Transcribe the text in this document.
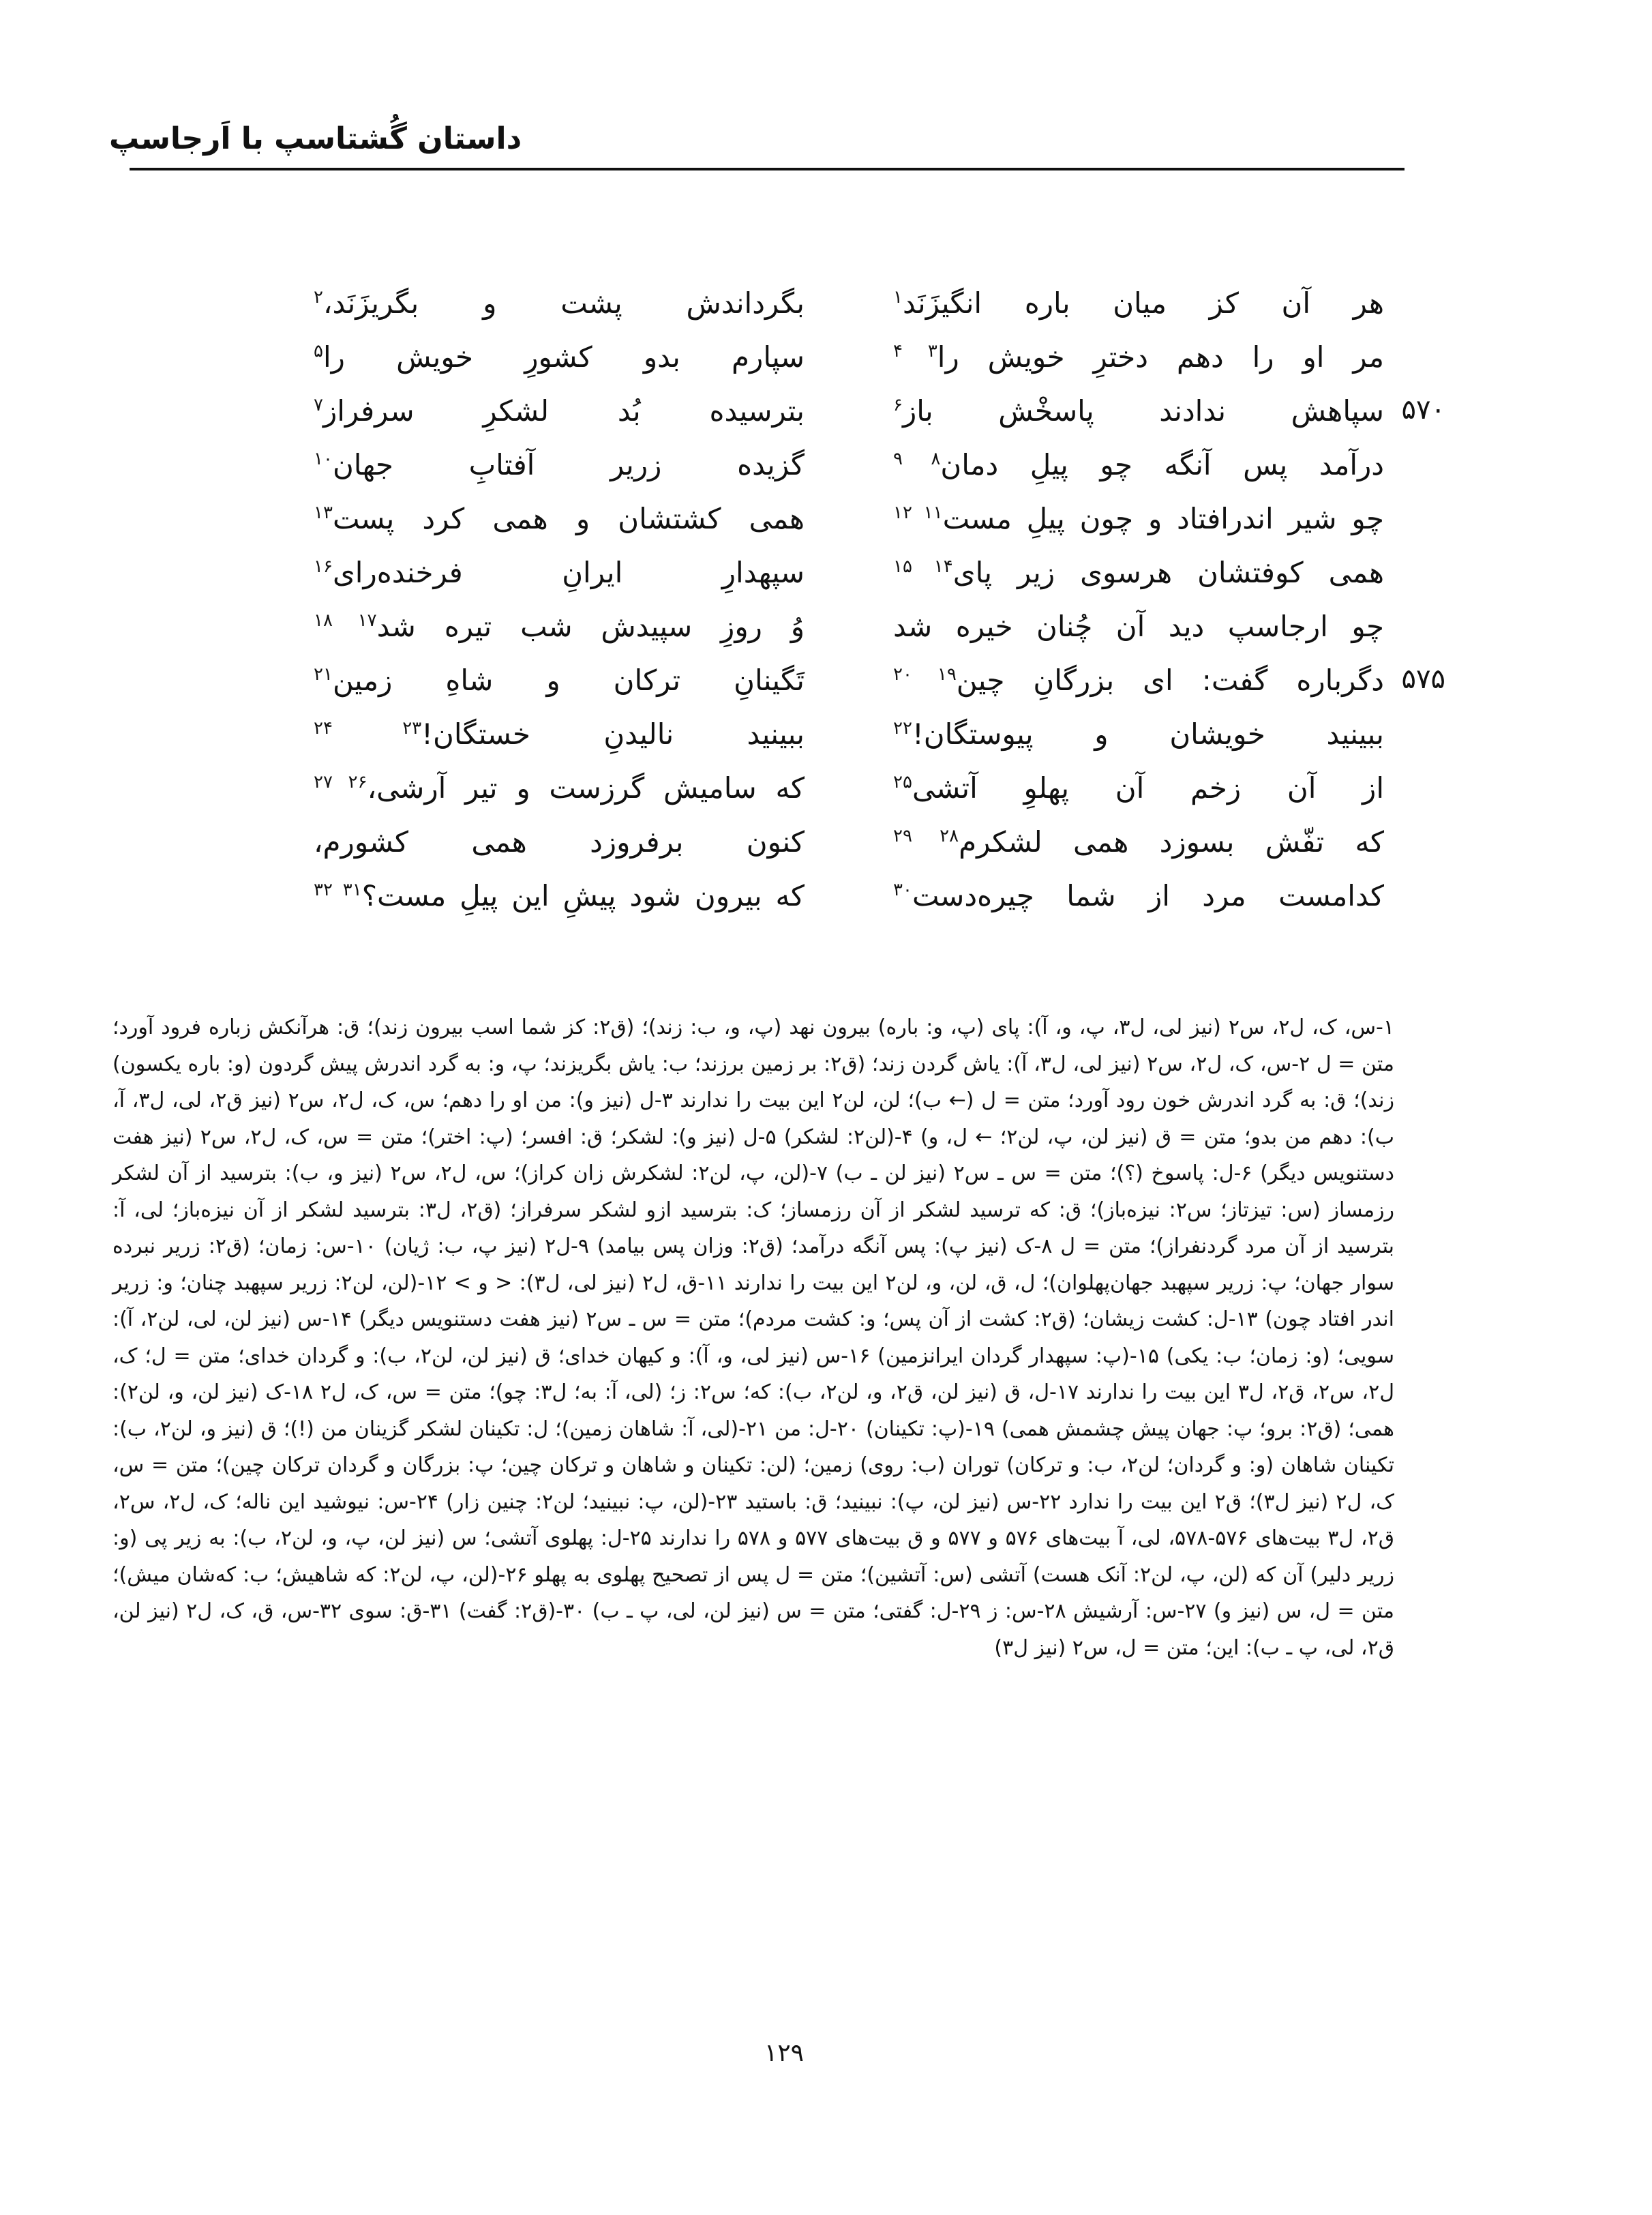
داستان گُشتاسپ با اَرجاسپ
هر آن کز میان باره انگیزَنَد$^۱$
بگرداندش پشت و بگریزَنَد،$^۲$
مر او را دهم دخترِ خویش را$^{۳ ۴}$
سپارم بدو کشورِ خویش را$^۵$
۵۷۰
سپاهش ندادند پاسخْش باز$^۶$
بترسیده بُد لشکرِ سرفراز$^۷$
درآمد پس آنگه چو پیلِ دمان$^{۸ ۹}$
گزیده زریر آفتابِ جهان$^{۱۰}$
چو شیر اندرافتاد و چون پیلِ مست$^{۱۱ ۱۲}$
همی کشتشان و همی کرد پست$^{۱۳}$
همی کوفتشان هرسوی زیر پای$^{۱۴ ۱۵}$
سپهدارِ ایرانِ فرخنده‌رای$^{۱۶}$
چو ارجاسپ دید آن چُنان خیره شد
وُ روزِ سپیدش شب تیره شد$^{۱۷ ۱۸}$
۵۷۵
دگرباره گفت: ای بزرگانِ چین$^{۱۹ ۲۰}$
تَگینانِ ترکان و شاهِ زمین$^{۲۱}$
ببینید خویشان و پیوستگان!$^{۲۲}$
ببینید نالیدنِ خستگان!$^{۲۳ ۲۴}$
از آن زخم آن پهلوِ آتشی$^{۲۵}$
که سامیش گرزست و تیر آرشی،$^{۲۶ ۲۷}$
که تفّش بسوزد همی لشکرم$^{۲۸ ۲۹}$
کنون برفروزد همی کشورم،
کدامست مرد از شما چیره‌دست$^{۳۰}$
که بیرون شود پیشِ این پیلِ مست؟$^{۳۱ ۳۲}$
۱-س، ک، ل۲، س۲ (نیز لی، ل۳، پ، و، آ): پای (پ، و: باره) بیرون نهد (پ، و، ب: زند)؛ (ق۲: کز شما اسب بیرون زند)؛ ق: هرآنکش زباره فرود آورد؛ متن = ل ۲-س، ک، ل۲، س۲ (نیز لی، ل۳، آ): یاش گردن زند؛ (ق۲: بر زمین برزند؛ ب: یاش بگریزند؛ پ، و: به گرد اندرش پیش گردون (و: باره یکسون) زند)؛ ق: به گرد اندرش خون رود آورد؛ متن = ل (← ب)؛ لن، لن۲ این بیت را ندارند ۳-ل (نیز و): من او را دهم؛ س، ک، ل۲، س۲ (نیز ق۲، لی، ل۳، آ، ب): دهم من بدو؛ متن = ق (نیز لن، پ، لن۲؛ ← ل، و) ۴-(لن۲: لشکر) ۵-ل (نیز و): لشکر؛ ق: افسر؛ (پ: اختر)؛ متن = س، ک، ل۲، س۲ (نیز هفت دستنویس دیگر) ۶-ل: پاسوخ (؟)؛ متن = س ـ س۲ (نیز لن ـ ب) ۷-(لن، پ، لن۲: لشکرش زان کراز)؛ س، ل۲، س۲ (نیز و، ب): بترسید از آن لشکر رزمساز (س: تیزتاز؛ س۲: نیزه‌باز)؛ ق: که ترسید لشکر از آن رزمساز؛ ک: بترسید ازو لشکر سرفراز؛ (ق۲، ل۳: بترسید لشکر از آن نیزه‌باز؛ لی، آ: بترسید از آن مرد گردنفراز)؛ متن = ل ۸-ک (نیز پ): پس آنگه درآمد؛ (ق۲: وزان پس بیامد) ۹-ل۲ (نیز پ، ب: ژیان) ۱۰-س: زمان؛ (ق۲: زریر نبرده سوار جهان؛ پ: زریر سپهبد جهان‌پهلوان)؛ ل، ق، لن، و، لن۲ این بیت را ندارند ۱۱-ق، ل۲ (نیز لی، ل۳): < و > ۱۲-(لن، لن۲: زریر سپهبد چنان؛ و: زریر اندر افتاد چون) ۱۳-ل: کشت زیشان؛ (ق۲: کشت از آن پس؛ و: کشت مردم)؛ متن = س ـ س۲ (نیز هفت دستنویس دیگر) ۱۴-س (نیز لن، لی، لن۲، آ): سویی؛ (و: زمان؛ ب: یکی) ۱۵-(پ: سپهدار گردان ایرانزمین) ۱۶-س (نیز لی، و، آ): و کیهان خدای؛ ق (نیز لن، لن۲، ب): و گردان خدای؛ متن = ل؛ ک، ل۲، س۲، ق۲، ل۳ این بیت را ندارند ۱۷-ل، ق (نیز لن، ق۲، و، لن۲، ب): که؛ س۲: ز؛ (لی، آ: به؛ ل۳: چو)؛ متن = س، ک، ل۲ ۱۸-ک (نیز لن، و، لن۲): همی؛ (ق۲: برو؛ پ: جهان پیش چشمش همی) ۱۹-(پ: تکینان) ۲۰-ل: من ۲۱-(لی، آ: شاهان زمین)؛ ل: تکینان لشکر گزینان من (!)؛ ق (نیز و، لن۲، ب): تکینان شاهان (و: و گردان؛ لن۲، ب: و ترکان) توران (ب: روی) زمین؛ (لن: تکینان و شاهان و ترکان چین؛ پ: بزرگان و گردان ترکان چین)؛ متن = س، ک، ل۲ (نیز ل۳)؛ ق۲ این بیت را ندارد ۲۲-س (نیز لن، پ): نبینید؛ ق: باستید ۲۳-(لن، پ: نبینید؛ لن۲: چنین زار) ۲۴-س: نیوشید این ناله؛ ک، ل۲، س۲، ق۲، ل۳ بیت‌های ۵۷۶-۵۷۸، لی، آ بیت‌های ۵۷۶ و ۵۷۷ و ق بیت‌های ۵۷۷ و ۵۷۸ را ندارند ۲۵-ل: پهلوی آتشی؛ س (نیز لن، پ، و، لن۲، ب): به زیر پی (و: زریر دلیر) آن که (لن، پ، لن۲: آنک هست) آتشی (س: آتشین)؛ متن = ل پس از تصحیح پهلوی به پهلو ۲۶-(لن، پ، لن۲: که شاهیش؛ ب: که‌شان میش)؛ متن = ل، س (نیز و) ۲۷-س: آرشیش ۲۸-س: ز ۲۹-ل: گفتی؛ متن = س (نیز لن، لی، پ ـ ب) ۳۰-(ق۲: گفت) ۳۱-ق: سوی ۳۲-س، ق، ک، ل۲ (نیز لن، ق۲، لی، پ ـ ب): این؛ متن = ل، س۲ (نیز ل۳)
۱۲۹
